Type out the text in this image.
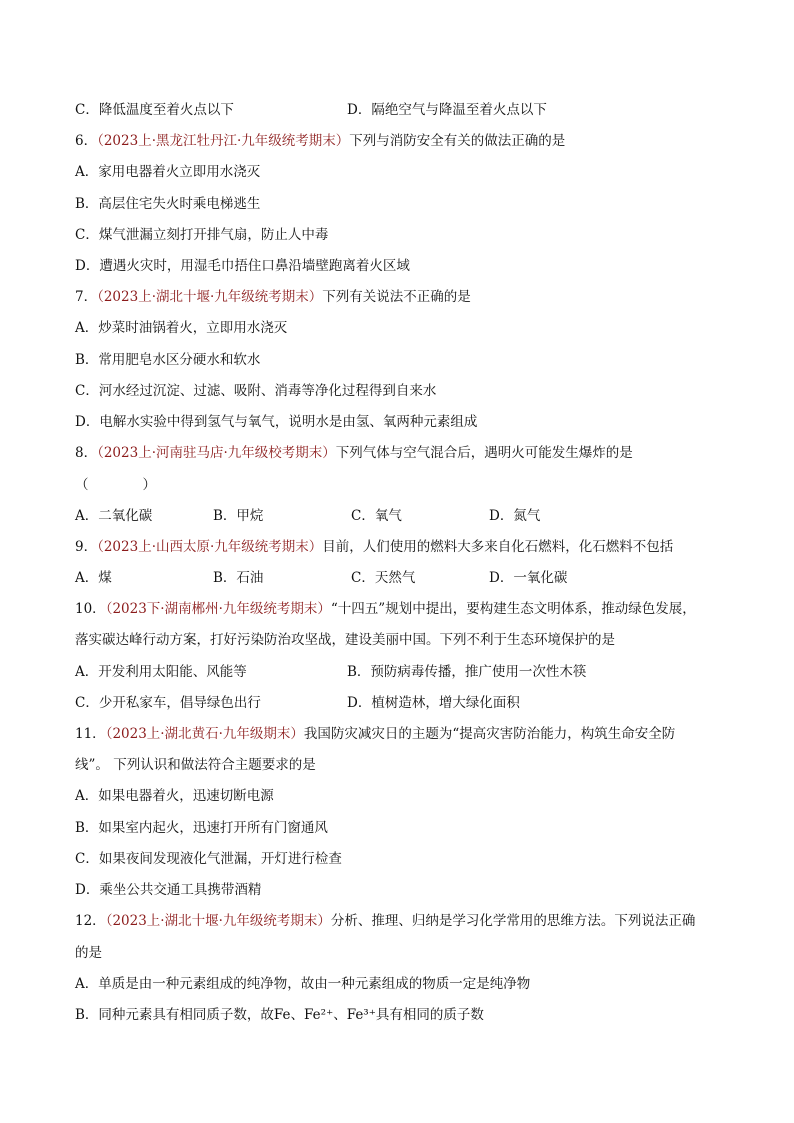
C．降低温度至着火点以下	D．隔绝空气与降温至着火点以下
6．（2023上·黑龙江牡丹江·九年级统考期末）下列与消防安全有关的做法正确的是
A．家用电器着火立即用水浇灭
B．高层住宅失火时乘电梯逃生
C．煤气泄漏立刻打开排气扇，防止人中毒
D．遭遇火灾时，用湿毛巾捂住口鼻沿墙壁跑离着火区域
7．（2023上·湖北十堰·九年级统考期末）下列有关说法不正确的是
A．炒菜时油锅着火，立即用水浇灭
B．常用肥皂水区分硬水和软水
C．河水经过沉淀、过滤、吸附、消毒等净化过程得到自来水
D．电解水实验中得到氢气与氧气，说明水是由氢、氧两种元素组成
8．（2023上·河南驻马店·九年级校考期末）下列气体与空气混合后，遇明火可能发生爆炸的是
（　　　　）
A．二氧化碳	B．甲烷	C．氧气	D．氮气
9．（2023上·山西太原·九年级统考期末）目前，人们使用的燃料大多来自化石燃料，化石燃料不包括
A．煤	B．石油	C．天然气	D．一氧化碳
10．（2023下·湖南郴州·九年级统考期末）“十四五”规划中提出，要构建生态文明体系，推动绿色发展，
落实碳达峰行动方案，打好污染防治攻坚战，建设美丽中国。下列不利于生态环境保护的是
A．开发利用太阳能、风能等	B．预防病毒传播，推广使用一次性木筷
C．少开私家车，倡导绿色出行	D．植树造林，增大绿化面积
11．（2023上·湖北黄石·九年级期末）我国防灾减灾日的主题为“提高灾害防治能力，构筑生命安全防
线”。 下列认识和做法符合主题要求的是
A．如果电器着火，迅速切断电源
B．如果室内起火，迅速打开所有门窗通风
C．如果夜间发现液化气泄漏，开灯进行检查
D．乘坐公共交通工具携带酒精
12．（2023上·湖北十堰·九年级统考期末）分析、推理、归纳是学习化学常用的思维方法。下列说法正确
的是
A．单质是由一种元素组成的纯净物，故由一种元素组成的物质一定是纯净物
B．同种元素具有相同质子数，故Fe、Fe²⁺、Fe³⁺具有相同的质子数
